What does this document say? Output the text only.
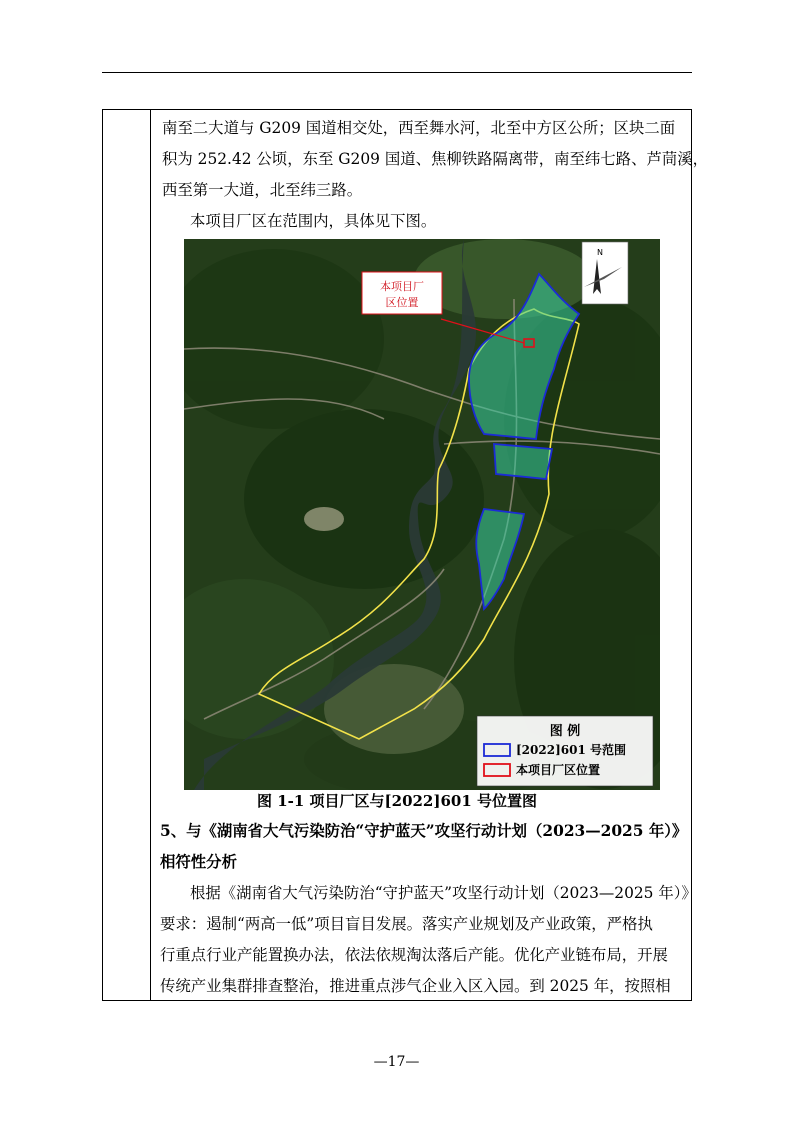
南至二大道与 G209 国道相交处，西至舞水河，北至中方区公所；区块二面
积为 252.42 公顷，东至 G209 国道、焦柳铁路隔离带，南至纬七路、芦茼溪，
西至第一大道，北至纬三路。
本项目厂区在范围内，具体见下图。
本项目厂
区位置
N
图 例
[2022]601 号范围
本项目厂区位置
图 1-1 项目厂区与[2022]601 号位置图
5、与《湖南省大气污染防治“守护蓝天”攻坚行动计划（2023—2025 年）》
相符性分析
根据《湖南省大气污染防治“守护蓝天”攻坚行动计划（2023—2025 年）》
要求：遏制“两高一低”项目盲目发展。落实产业规划及产业政策，严格执
行重点行业产能置换办法，依法依规淘汰落后产能。优化产业链布局，开展
传统产业集群排查整治，推进重点涉气企业入区入园。到 2025 年，按照相
—17—
